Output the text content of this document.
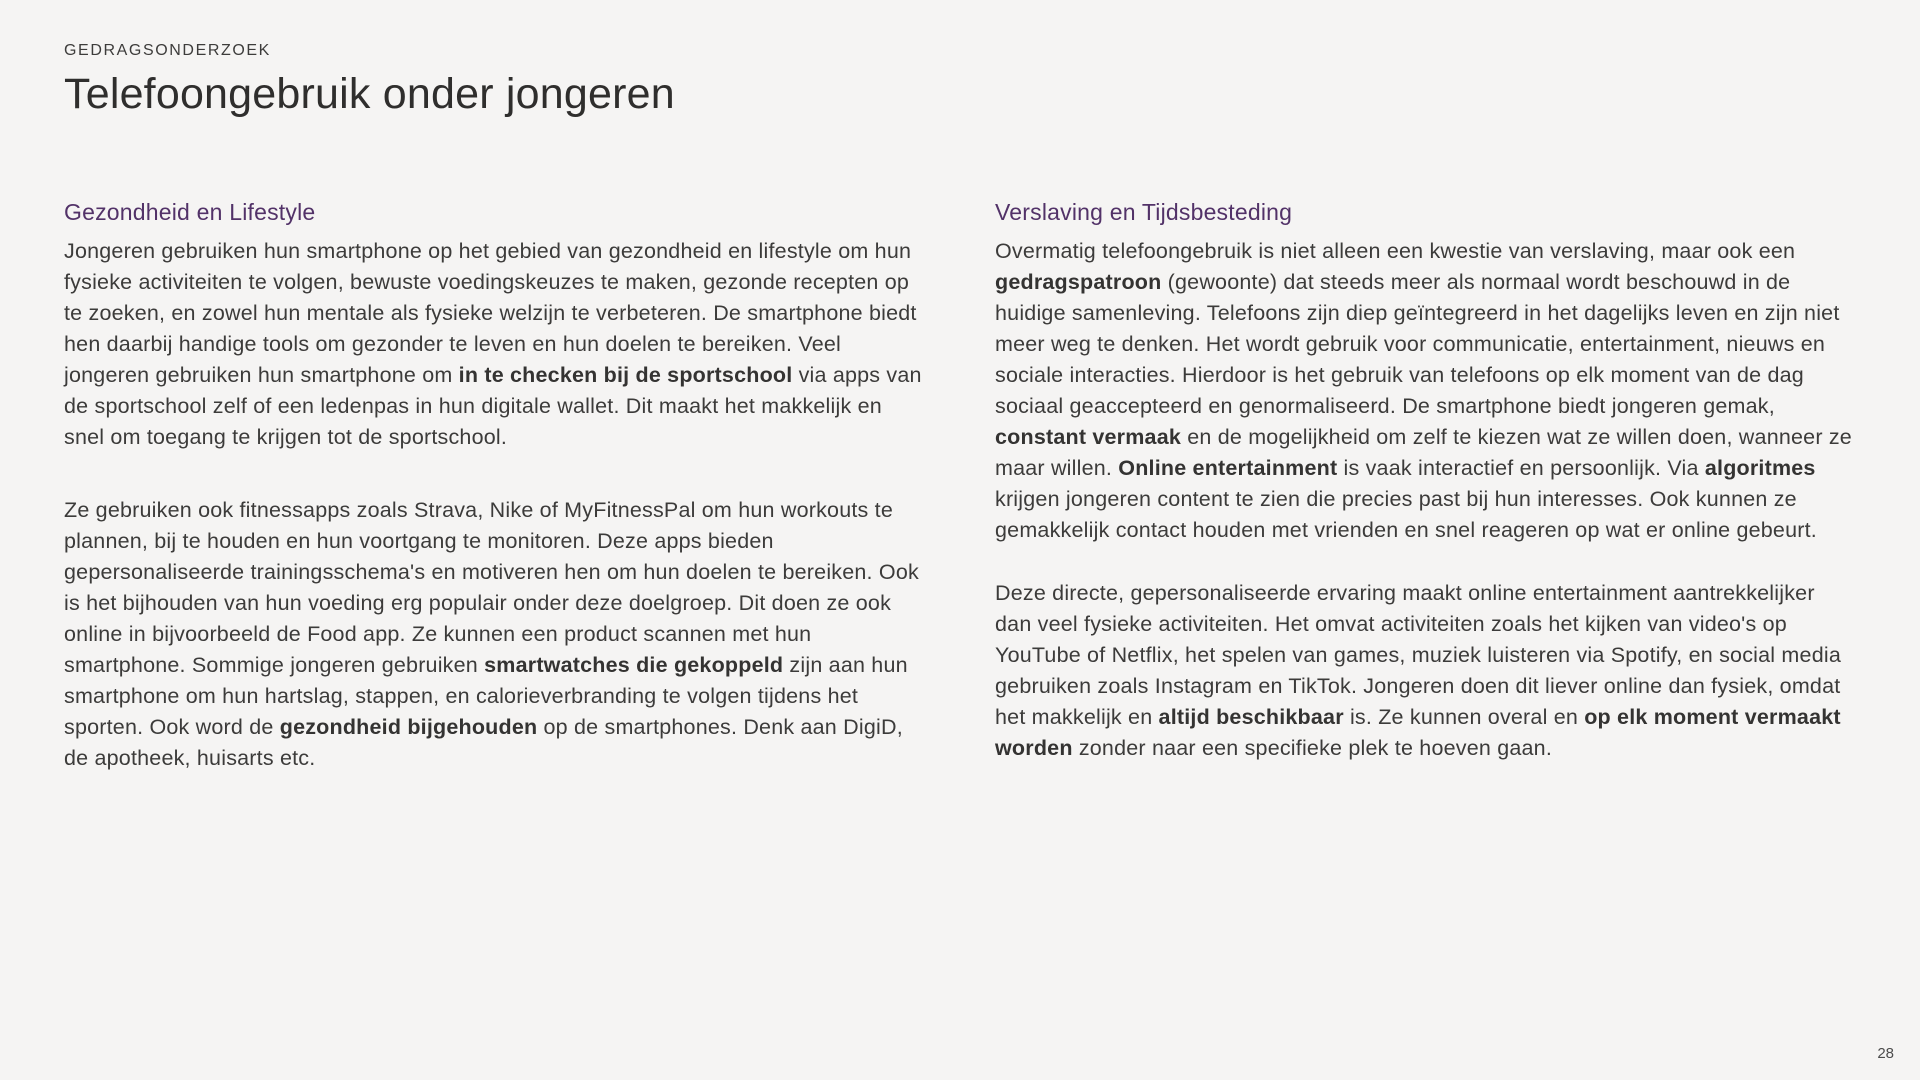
GEDRAGSONDERZOEK
Telefoongebruik onder jongeren
Gezondheid en Lifestyle

Jongeren gebruiken hun smartphone op het gebied van gezondheid en lifestyle om hun fysieke activiteiten te volgen, bewuste voedingskeuzes te maken, gezonde recepten op te zoeken, en zowel hun mentale als fysieke welzijn te verbeteren. De smartphone biedt hen daarbij handige tools om gezonder te leven en hun doelen te bereiken. Veel jongeren gebruiken hun smartphone om in te checken bij de sportschool via apps van de sportschool zelf of een ledenpas in hun digitale wallet. Dit maakt het makkelijk en snel om toegang te krijgen tot de sportschool.

Ze gebruiken ook fitnessapps zoals Strava, Nike of MyFitnessPal om hun workouts te plannen, bij te houden en hun voortgang te monitoren. Deze apps bieden gepersonaliseerde trainingsschema's en motiveren hen om hun doelen te bereiken. Ook is het bijhouden van hun voeding erg populair onder deze doelgroep. Dit doen ze ook online in bijvoorbeeld de Food app. Ze kunnen een product scannen met hun smartphone. Sommige jongeren gebruiken smartwatches die gekoppeld zijn aan hun smartphone om hun hartslag, stappen, en calorieverbranding te volgen tijdens het sporten. Ook word de gezondheid bijgehouden op de smartphones. Denk aan DigiD, de apotheek, huisarts etc.

Verslaving en Tijdsbesteding

Overmatig telefoongebruik is niet alleen een kwestie van verslaving, maar ook een gedragspatroon (gewoonte) dat steeds meer als normaal wordt beschouwd in de huidige samenleving. Telefoons zijn diep geïntegreerd in het dagelijks leven en zijn niet meer weg te denken. Het wordt gebruik voor communicatie, entertainment, nieuws en sociale interacties. Hierdoor is het gebruik van telefoons op elk moment van de dag sociaal geaccepteerd en genormaliseerd. De smartphone biedt jongeren gemak, constant vermaak en de mogelijkheid om zelf te kiezen wat ze willen doen, wanneer ze maar willen. Online entertainment is vaak interactief en persoonlijk. Via algoritmes krijgen jongeren content te zien die precies past bij hun interesses. Ook kunnen ze gemakkelijk contact houden met vrienden en snel reageren op wat er online gebeurt.

Deze directe, gepersonaliseerde ervaring maakt online entertainment aantrekkelijker dan veel fysieke activiteiten. Het omvat activiteiten zoals het kijken van video's op YouTube of Netflix, het spelen van games, muziek luisteren via Spotify, en social media gebruiken zoals Instagram en TikTok. Jongeren doen dit liever online dan fysiek, omdat het makkelijk en altijd beschikbaar is. Ze kunnen overal en op elk moment vermaakt worden zonder naar een specifieke plek te hoeven gaan.

28
